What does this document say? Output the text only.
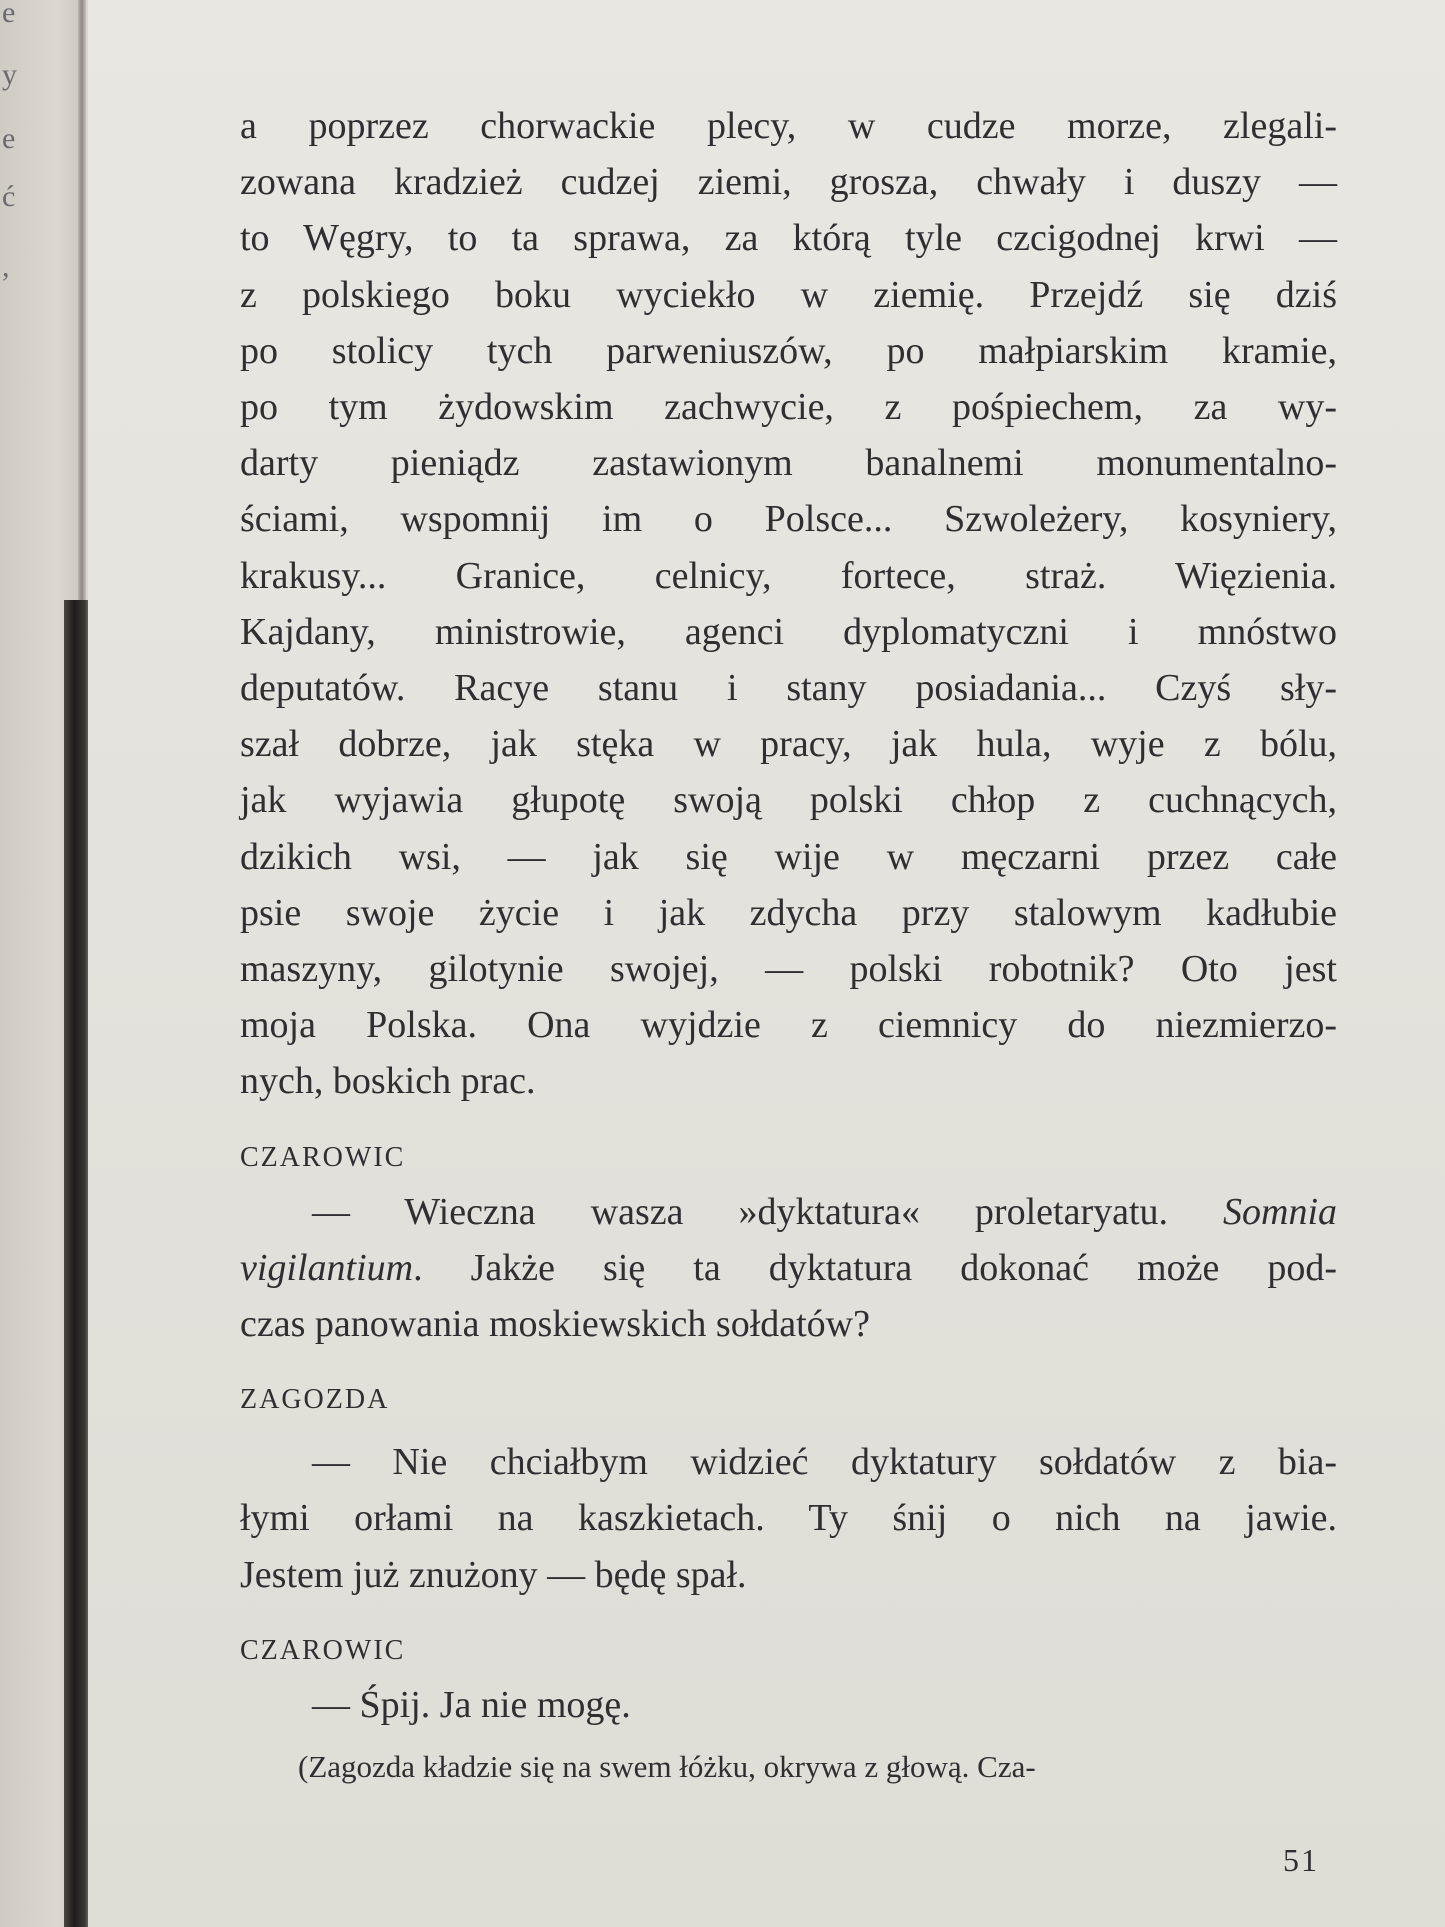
e
y
e
ć
,
a poprzez chorwackie plecy, w cudze morze, zlegali-
zowana kradzież cudzej ziemi, grosza, chwały i duszy —
to Węgry, to ta sprawa, za którą tyle czcigodnej krwi —
z polskiego boku wyciekło w ziemię. Przejdź się dziś
po stolicy tych parweniuszów, po małpiarskim kramie,
po tym żydowskim zachwycie, z pośpiechem, za wy-
darty pieniądz zastawionym banalnemi monumentalno-
ściami, wspomnij im o Polsce... Szwoleżery, kosyniery,
krakusy... Granice, celnicy, fortece, straż. Więzienia.
Kajdany, ministrowie, agenci dyplomatyczni i mnóstwo
deputatów. Racye stanu i stany posiadania... Czyś sły-
szał dobrze, jak stęka w pracy, jak hula, wyje z bólu,
jak wyjawia głupotę swoją polski chłop z cuchnących,
dzikich wsi, — jak się wije w męczarni przez całe
psie swoje życie i jak zdycha przy stalowym kadłubie
maszyny, gilotynie swojej, — polski robotnik? Oto jest
moja Polska. Ona wyjdzie z ciemnicy do niezmierzo-
nych, boskich prac.
CZAROWIC
— Wieczna wasza »dyktatura« proletaryatu. Somnia
vigilantium. Jakże się ta dyktatura dokonać może pod-
czas panowania moskiewskich sołdatów?
ZAGOZDA
— Nie chciałbym widzieć dyktatury sołdatów z bia-
łymi orłami na kaszkietach. Ty śnij o nich na jawie.
Jestem już znużony — będę spał.
CZAROWIC
— Śpij. Ja nie mogę.
(Zagozda kładzie się na swem łóżku, okrywa z głową. Cza-
51
